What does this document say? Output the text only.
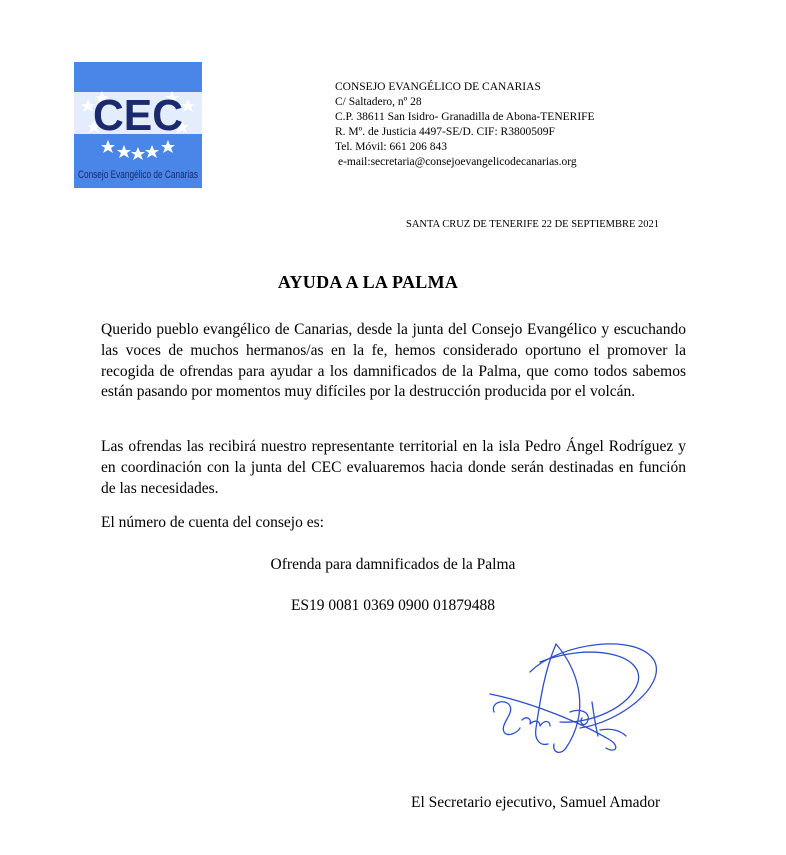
CEC
Consejo Evangélico de Canarias
CONSEJO EVANGÉLICO DE CANARIAS
C/ Saltadero, nº 28
C.P. 38611 San Isidro- Granadilla de Abona-TENERIFE
R. Mº. de Justicia 4497-SE/D. CIF: R3800509F
Tel. Móvil: 661 206 843
e-mail:secretaria@consejoevangelicodecanarias.org
SANTA CRUZ DE TENERIFE 22 DE SEPTIEMBRE 2021
AYUDA A LA PALMA
Querido pueblo evangélico de Canarias, desde la junta del Consejo Evangélico y escuchando las voces de muchos hermanos/as en la fe, hemos considerado oportuno el promover la recogida de ofrendas para ayudar a los damnificados de la Palma, que como todos sabemos están pasando por momentos muy difíciles por la destrucción producida por el volcán.
Las ofrendas las recibirá nuestro representante territorial en la isla Pedro Ángel Rodríguez y en coordinación con la junta del CEC evaluaremos hacia donde serán destinadas en función de las necesidades.
El número de cuenta del consejo es:
Ofrenda para damnificados de la Palma
ES19 0081 0369 0900 01879488
Samuel
El Secretario ejecutivo, Samuel Amador
